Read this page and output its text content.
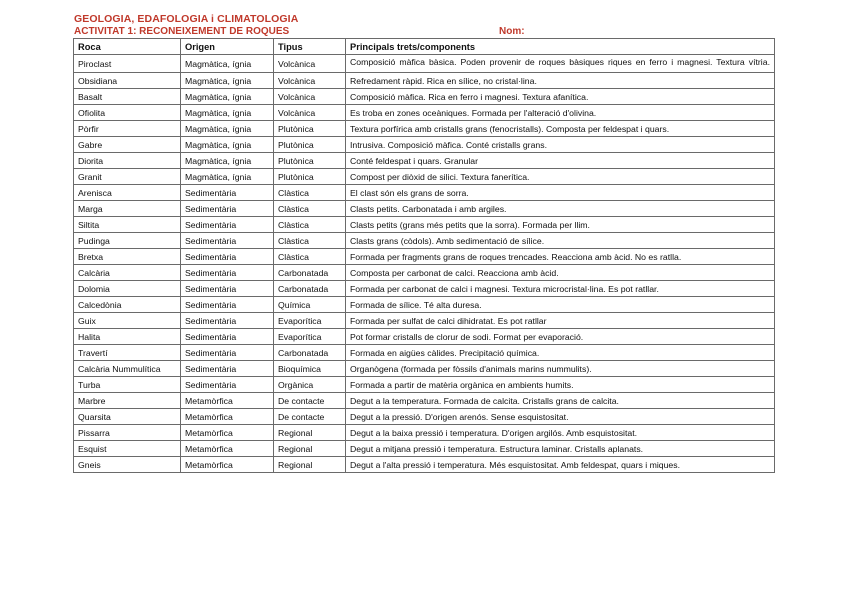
GEOLOGIA, EDAFOLOGIA i CLIMATOLOGIA
ACTIVITAT 1: RECONEIXEMENT DE ROQUES	Nom:
Roca	Origen	Tipus	Principals trets/components
Piroclast	Magmàtica, ígnia	Volcànica	Composició màfica bàsica. Poden provenir de roques bàsiques riques en ferro i magnesi. Textura vítria.
Obsidiana	Magmàtica, ígnia	Volcànica	Refredament ràpid. Rica en sílice, no cristal·lina.
Basalt	Magmàtica, ígnia	Volcànica	Composició màfica. Rica en ferro i magnesi. Textura afanítica.
Ofiolita	Magmàtica, ígnia	Volcànica	Es troba en zones oceàniques. Formada per l'alteració d'olivina.
Pòrfir	Magmàtica, ígnia	Plutònica	Textura porfírica amb cristalls grans (fenocristalls). Composta per feldespat i quars.
Gabre	Magmàtica, ígnia	Plutònica	Intrusiva. Composició màfica. Conté cristalls grans.
Diorita	Magmàtica, ígnia	Plutònica	Conté feldespat i quars. Granular
Granit	Magmàtica, ígnia	Plutònica	Compost per diòxid de silici. Textura fanerítica.
Arenisca	Sedimentària	Clàstica	El clast són els grans de sorra.
Marga	Sedimentària	Clàstica	Clasts petits. Carbonatada i amb argiles.
Siltita	Sedimentària	Clàstica	Clasts petits (grans més petits que la sorra). Formada per llim.
Pudinga	Sedimentària	Clàstica	Clasts grans (còdols). Amb sedimentació de sílice.
Bretxa	Sedimentària	Clàstica	Formada per fragments grans de roques trencades. Reacciona amb àcid. No es ratlla.
Calcària	Sedimentària	Carbonatada	Composta per carbonat de calci. Reacciona amb àcid.
Dolomia	Sedimentària	Carbonatada	Formada per carbonat de calci i magnesi. Textura microcristal·lina. Es pot ratllar.
Calcedònia	Sedimentària	Química	Formada de sílice. Té alta duresa.
Guix	Sedimentària	Evaporítica	Formada per sulfat de calci dihidratat. Es pot ratllar
Halita	Sedimentària	Evaporítica	Pot formar cristalls de clorur de sodi. Format per evaporació.
Travertí	Sedimentària	Carbonatada	Formada en aigües càlides. Precipitació química.
Calcària Nummulítica	Sedimentària	Bioquímica	Organògena (formada per fòssils d'animals marins nummulits).
Turba	Sedimentària	Orgànica	Formada a partir de matèria orgànica en ambients humits.
Marbre	Metamòrfica	De contacte	Degut a la temperatura. Formada de calcita. Cristalls grans de calcita.
Quarsita	Metamòrfica	De contacte	Degut a la pressió. D'origen arenós. Sense esquistositat.
Pissarra	Metamòrfica	Regional	Degut a la baixa pressió i temperatura. D'origen argilós. Amb esquistositat.
Esquist	Metamòrfica	Regional	Degut a mitjana pressió i temperatura. Estructura laminar. Cristalls aplanats.
Gneis	Metamòrfica	Regional	Degut a l'alta pressió i temperatura. Més esquistositat. Amb feldespat, quars i miques.
